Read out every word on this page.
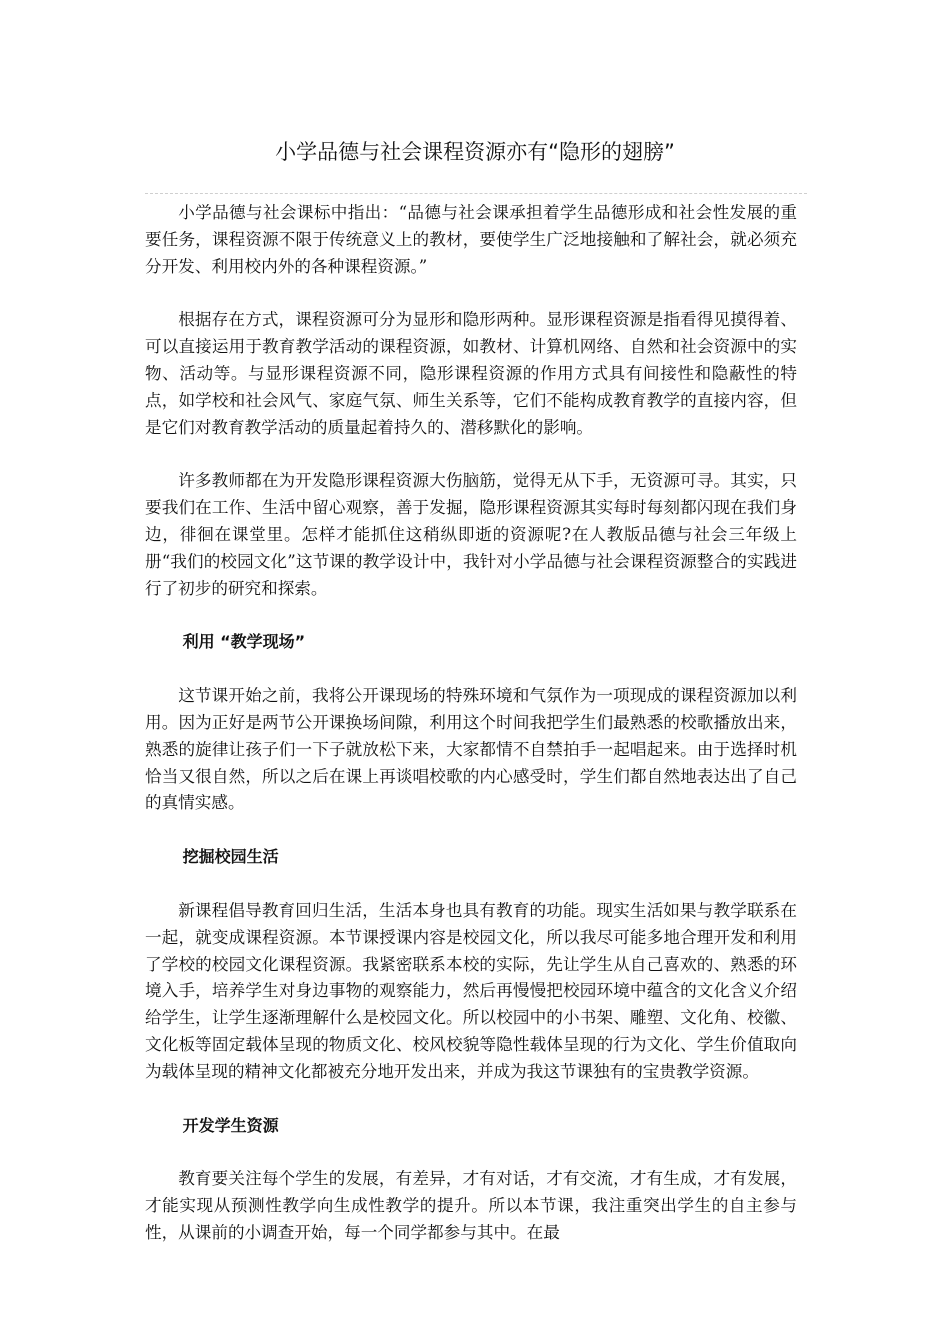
小学品德与社会课程资源亦有“隐形的翅膀”

小学品德与社会课标中指出：“品德与社会课承担着学生品德形成和社会性发展的重要任务，课程资源不限于传统意义上的教材，要使学生广泛地接触和了解社会，就必须充分开发、利用校内外的各种课程资源。”

根据存在方式，课程资源可分为显形和隐形两种。显形课程资源是指看得见摸得着、可以直接运用于教育教学活动的课程资源，如教材、计算机网络、自然和社会资源中的实物、活动等。与显形课程资源不同，隐形课程资源的作用方式具有间接性和隐蔽性的特点，如学校和社会风气、家庭气氛、师生关系等，它们不能构成教育教学的直接内容，但是它们对教育教学活动的质量起着持久的、潜移默化的影响。

许多教师都在为开发隐形课程资源大伤脑筋，觉得无从下手，无资源可寻。其实，只要我们在工作、生活中留心观察，善于发掘，隐形课程资源其实每时每刻都闪现在我们身边，徘徊在课堂里。怎样才能抓住这稍纵即逝的资源呢?在人教版品德与社会三年级上册“我们的校园文化”这节课的教学设计中，我针对小学品德与社会课程资源整合的实践进行了初步的研究和探索。

利用 “教学现场”

这节课开始之前，我将公开课现场的特殊环境和气氛作为一项现成的课程资源加以利用。因为正好是两节公开课换场间隙，利用这个时间我把学生们最熟悉的校歌播放出来，熟悉的旋律让孩子们一下子就放松下来，大家都情不自禁拍手一起唱起来。由于选择时机恰当又很自然，所以之后在课上再谈唱校歌的内心感受时，学生们都自然地表达出了自己的真情实感。

挖掘校园生活

新课程倡导教育回归生活，生活本身也具有教育的功能。现实生活如果与教学联系在一起，就变成课程资源。本节课授课内容是校园文化，所以我尽可能多地合理开发和利用了学校的校园文化课程资源。我紧密联系本校的实际，先让学生从自己喜欢的、熟悉的环境入手，培养学生对身边事物的观察能力，然后再慢慢把校园环境中蕴含的文化含义介绍给学生，让学生逐渐理解什么是校园文化。所以校园中的小书架、雕塑、文化角、校徽、文化板等固定载体呈现的物质文化、校风校貌等隐性载体呈现的行为文化、学生价值取向为载体呈现的精神文化都被充分地开发出来，并成为我这节课独有的宝贵教学资源。

开发学生资源

教育要关注每个学生的发展，有差异，才有对话，才有交流，才有生成，才有发展，才能实现从预测性教学向生成性教学的提升。所以本节课，我注重突出学生的自主参与性，从课前的小调查开始，每一个同学都参与其中。在最
